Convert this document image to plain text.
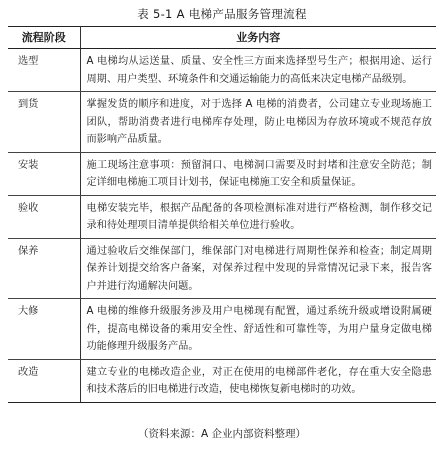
表 5-1 A 电梯产品服务管理流程
流程阶段	业务内容
选型	A 电梯均从运送量、质量、安全性三方面来选择型号生产；根据用途、运行周期、用户类型、环境条件和交通运输能力的高低来决定电梯产品级别。
到货	掌握发货的顺序和进度，对于选择 A 电梯的消费者，公司建立专业现场施工团队，帮助消费者进行电梯库存处理，防止电梯因为存放环境或不规范存放而影响产品质量。
安装	施工现场注意事项：预留洞口、电梯洞口需要及时封堵和注意安全防范；制定详细电梯施工项目计划书，保证电梯施工安全和质量保证。
验收	电梯安装完毕，根据产品配备的各项检测标准对进行严格检测，制作移交记录和待处理项目清单提供给相关单位进行验收。
保养	通过验收后交维保部门，维保部门对电梯进行周期性保养和检查；制定周期保养计划提交给客户备案，对保养过程中发现的异常情况记录下来，报告客户并进行沟通解决问题。
大修	A 电梯的维修升级服务涉及用户电梯现有配置，通过系统升级或增设附属硬件，提高电梯设备的乘用安全性、舒适性和可靠性等，为用户量身定做电梯功能修理升级服务产品。
改造	建立专业的电梯改造企业，对正在使用的电梯部件老化，存在重大安全隐患和技术落后的旧电梯进行改造，使电梯恢复新电梯时的功效。
（资料来源：A 企业内部资料整理）
